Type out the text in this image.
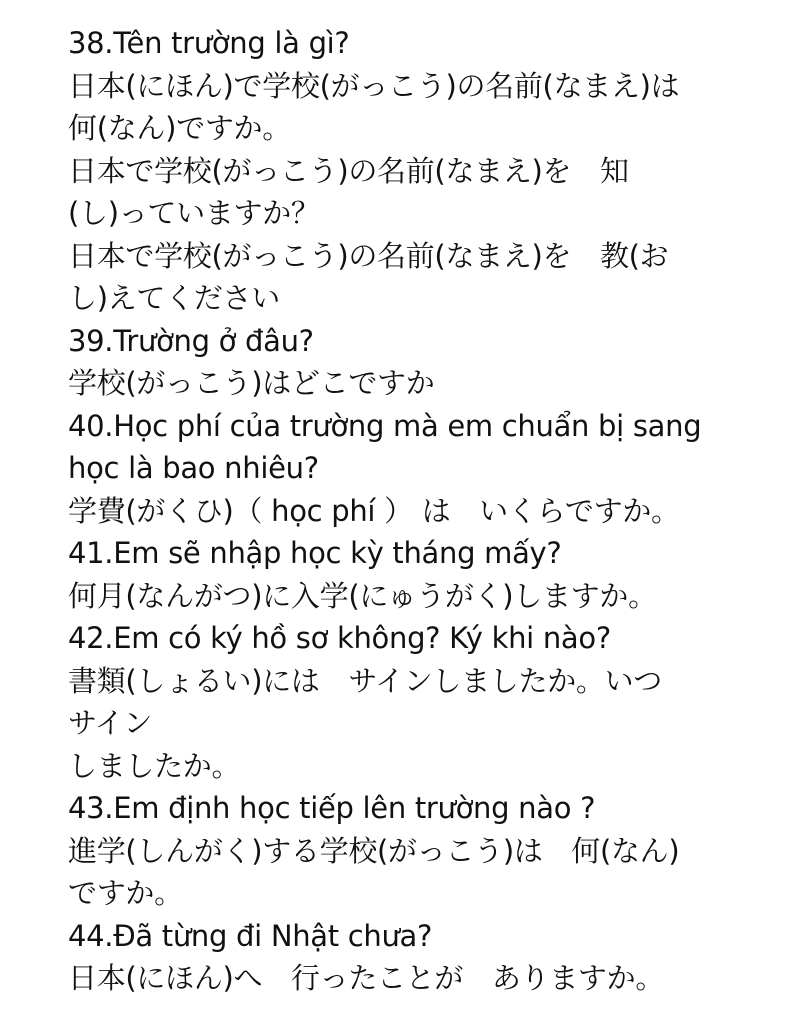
38.Tên trường là gì?
日本(にほん)で学校(がっこう)の名前(なまえ)は
何(なん)ですか。
日本で学校(がっこう)の名前(なまえ)を　知
(し)っていますか？
日本で学校(がっこう)の名前(なまえ)を　教(お
し)えてください
39.Trường ở đâu?
学校(がっこう)はどこですか
40.Học phí của trường mà em chuẩn bị sang
học là bao nhiêu?
学費(がくひ)（ học phí ） は　いくらですか。
41.Em sẽ nhập học kỳ tháng mấy?
何月(なんがつ)に入学(にゅうがく)しますか。
42.Em có ký hồ sơ không? Ký khi nào?
書類(しょるい)には　サインしましたか。いつ
サイン
しましたか。
43.Em định học tiếp lên trường nào ?
進学(しんがく)する学校(がっこう)は　何(なん)
ですか。
44.Đã từng đi Nhật chưa?
日本(にほん)へ　行ったことが　ありますか。
